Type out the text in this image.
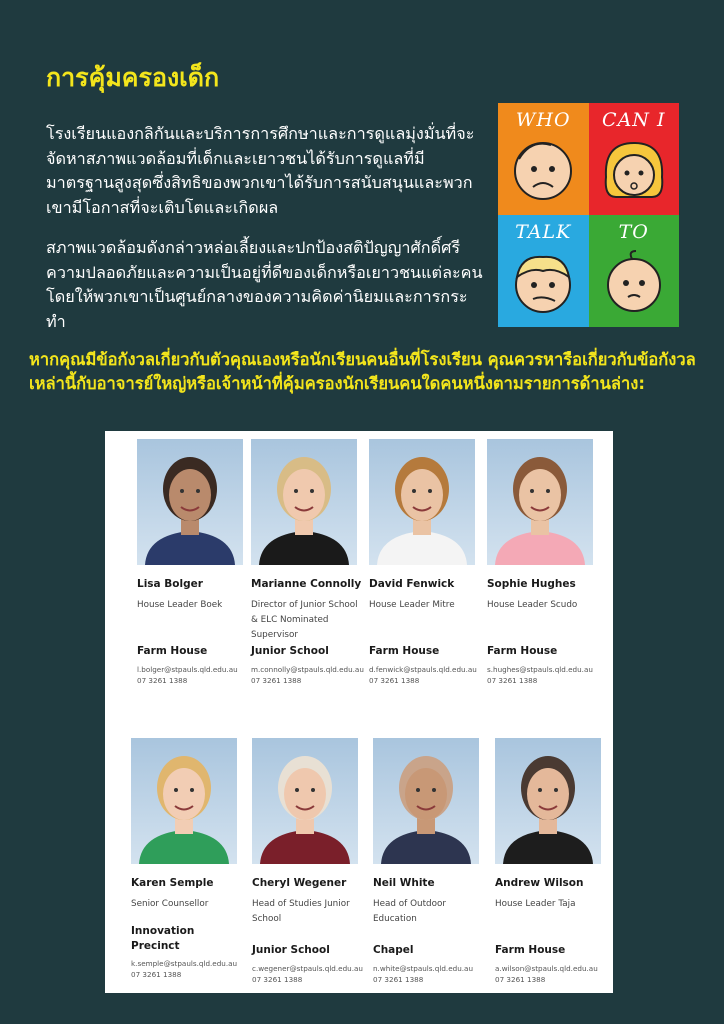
การคุ้มครองเด็ก
โรงเรียนแองกลิกันและบริการการศึกษาและการดูแลมุ่งมั่นที่จะจัดหาสภาพแวดล้อมที่เด็กและเยาวชนได้รับการดูแลที่มีมาตรฐานสูงสุดซึ่งสิทธิของพวกเขาได้รับการสนับสนุนและพวกเขามีโอกาสที่จะเติบโตและเกิดผล
สภาพแวดล้อมดังกล่าวหล่อเลี้ยงและปกป้องสติปัญญาศักดิ์ศรีความปลอดภัยและความเป็นอยู่ที่ดีของเด็กหรือเยาวชนแต่ละคนโดยให้พวกเขาเป็นศูนย์กลางของความคิดค่านิยมและการกระทำ
WHO	CAN I
TALK	TO
หากคุณมีข้อกังวลเกี่ยวกับตัวคุณเองหรือนักเรียนคนอื่นที่โรงเรียน คุณควรหารือเกี่ยวกับข้อกังวลเหล่านี้กับอาจารย์ใหญ่หรือเจ้าหน้าที่คุ้มครองนักเรียนคนใดคนหนึ่งตามรายการด้านล่าง:
Lisa Bolger
House Leader Boek
Farm House
l.bolger@stpauls.qld.edu.au
07 3261 1388
Marianne Connolly
Director of Junior School & ELC Nominated Supervisor
Junior School
m.connolly@stpauls.qld.edu.au
07 3261 1388
David Fenwick
House Leader Mitre
Farm House
d.fenwick@stpauls.qld.edu.au
07 3261 1388
Sophie Hughes
House Leader Scudo
Farm House
s.hughes@stpauls.qld.edu.au
07 3261 1388
Karen Semple
Senior Counsellor
Innovation Precinct
k.semple@stpauls.qld.edu.au
07 3261 1388
Cheryl Wegener
Head of Studies Junior School
Junior School
c.wegener@stpauls.qld.edu.au
07 3261 1388
Neil White
Head of Outdoor Education
Chapel
n.white@stpauls.qld.edu.au
07 3261 1388
Andrew Wilson
House Leader Taja
Farm House
a.wilson@stpauls.qld.edu.au
07 3261 1388
